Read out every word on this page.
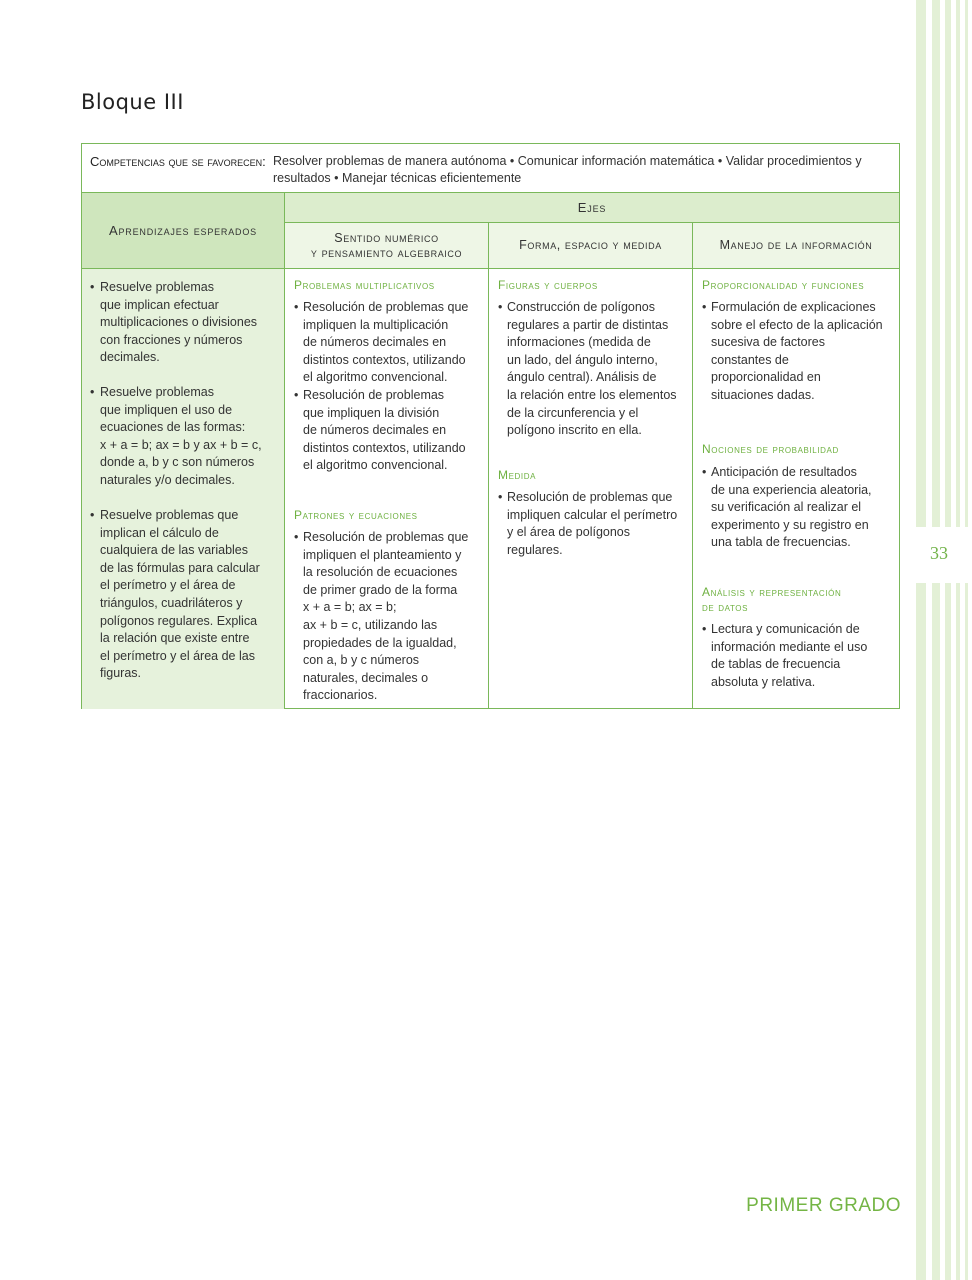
33
Bloque III
Competencias que se favorecen: Resolver problemas de manera autónoma • Comunicar información matemática • Validar procedimientos y
resultados • Manejar técnicas eficientemente
Aprendizajes esperados
Ejes
Sentido numérico
y pensamiento algebraico
Forma, espacio y medida	Manejo de la información
• Resuelve problemas
que implican efectuar
multiplicaciones o divisiones
con fracciones y números
decimales.
• Resuelve problemas
que impliquen el uso de
ecuaciones de las formas:
x + a = b; ax = b y ax + b = c,
donde a, b y c son números
naturales y/o decimales.
• Resuelve problemas que
implican el cálculo de
cualquiera de las variables
de las fórmulas para calcular
el perímetro y el área de
triángulos, cuadriláteros y
polígonos regulares. Explica
la relación que existe entre
el perímetro y el área de las
figuras.
Problemas multiplicativos
• Resolución de problemas que
impliquen la multiplicación
de números decimales en
distintos contextos, utilizando
el algoritmo convencional.
• Resolución de problemas
que impliquen la división
de números decimales en
distintos contextos, utilizando
el algoritmo convencional.
Patrones y ecuaciones
• Resolución de problemas que
impliquen el planteamiento y
la resolución de ecuaciones
de primer grado de la forma
x + a = b; ax = b;
ax + b = c, utilizando las
propiedades de la igualdad,
con a, b y c números
naturales, decimales o
fraccionarios.
Figuras y cuerpos
• Construcción de polígonos
regulares a partir de distintas
informaciones (medida de
un lado, del ángulo interno,
ángulo central). Análisis de
la relación entre los elementos
de la circunferencia y el
polígono inscrito en ella.
Medida
• Resolución de problemas que
impliquen calcular el perímetro
y el área de polígonos
regulares.
Proporcionalidad y funciones
• Formulación de explicaciones
sobre el efecto de la aplicación
sucesiva de factores
constantes de
proporcionalidad en
situaciones dadas.
Nociones de probabilidad
• Anticipación de resultados
de una experiencia aleatoria,
su verificación al realizar el
experimento y su registro en
una tabla de frecuencias.
Análisis y representación
de datos
• Lectura y comunicación de
información mediante el uso
de tablas de frecuencia
absoluta y relativa.
PRIMER GRADO
